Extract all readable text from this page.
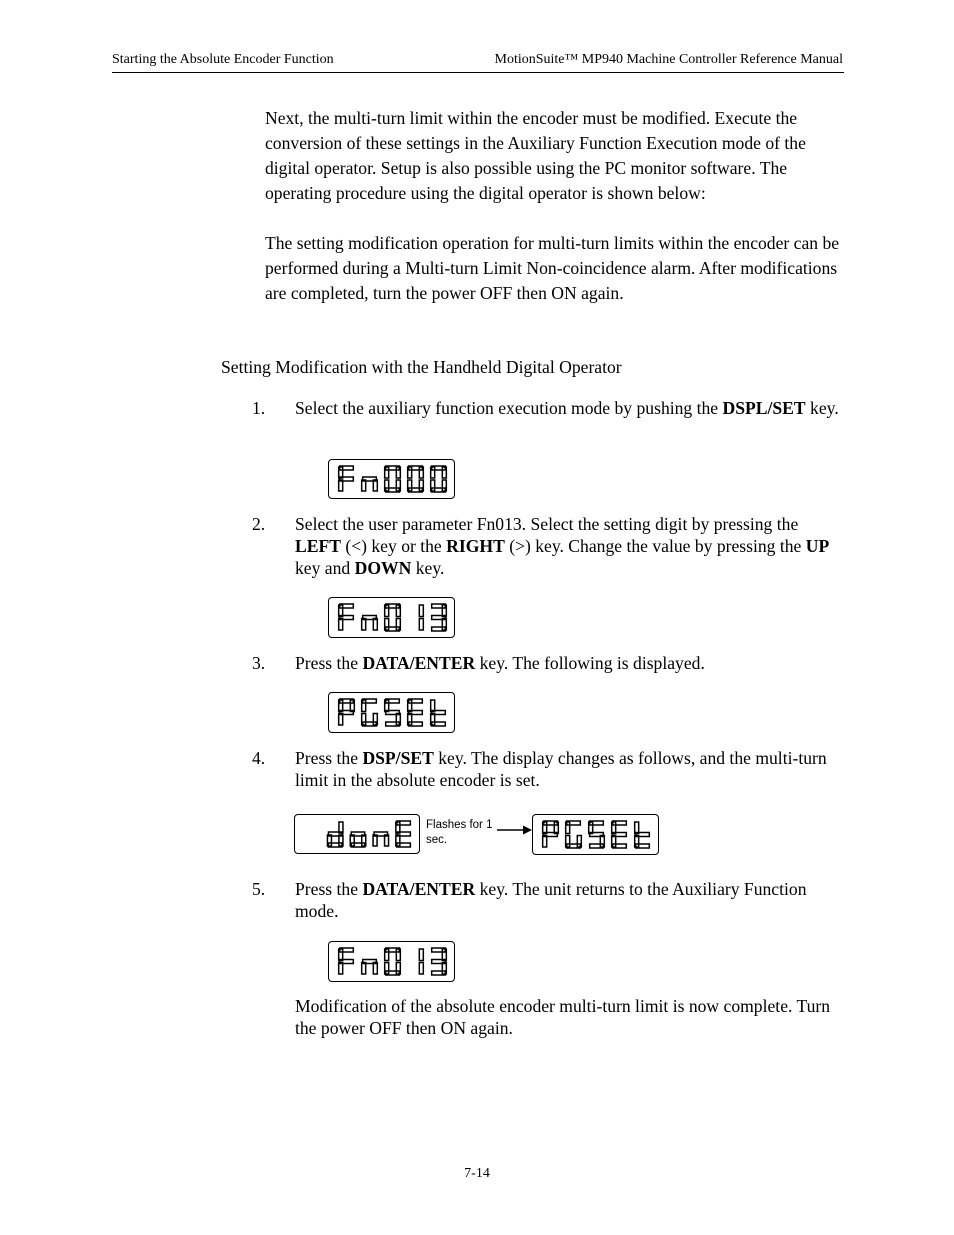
Starting the Absolute Encoder Function	MotionSuite™ MP940 Machine Controller Reference Manual

Next, the multi-turn limit within the encoder must be modified. Execute the conversion of these settings in the Auxiliary Function Execution mode of the digital operator. Setup is also possible using the PC monitor software. The operating procedure using the digital operator is shown below:

The setting modification operation for multi-turn limits within the encoder can be performed during a Multi-turn Limit Non-coincidence alarm. After modifications are completed, turn the power OFF then ON again.

Setting Modification with the Handheld Digital Operator
1. Select the auxiliary function execution mode by pushing the DSPL/SET key.

2. Select the user parameter Fn013. Select the setting digit by pressing the LEFT (<) key or the RIGHT (>) key. Change the value by pressing the UP key and DOWN key.

3. Press the DATA/ENTER key. The following is displayed.

4. Press the DSP/SET key. The display changes as follows, and the multi-turn limit in the absolute encoder is set.

Flashes for 1 sec.
5. Press the DATA/ENTER key. The unit returns to the Auxiliary Function mode.

Modification of the absolute encoder multi-turn limit is now complete. Turn the power OFF then ON again.

7-14
